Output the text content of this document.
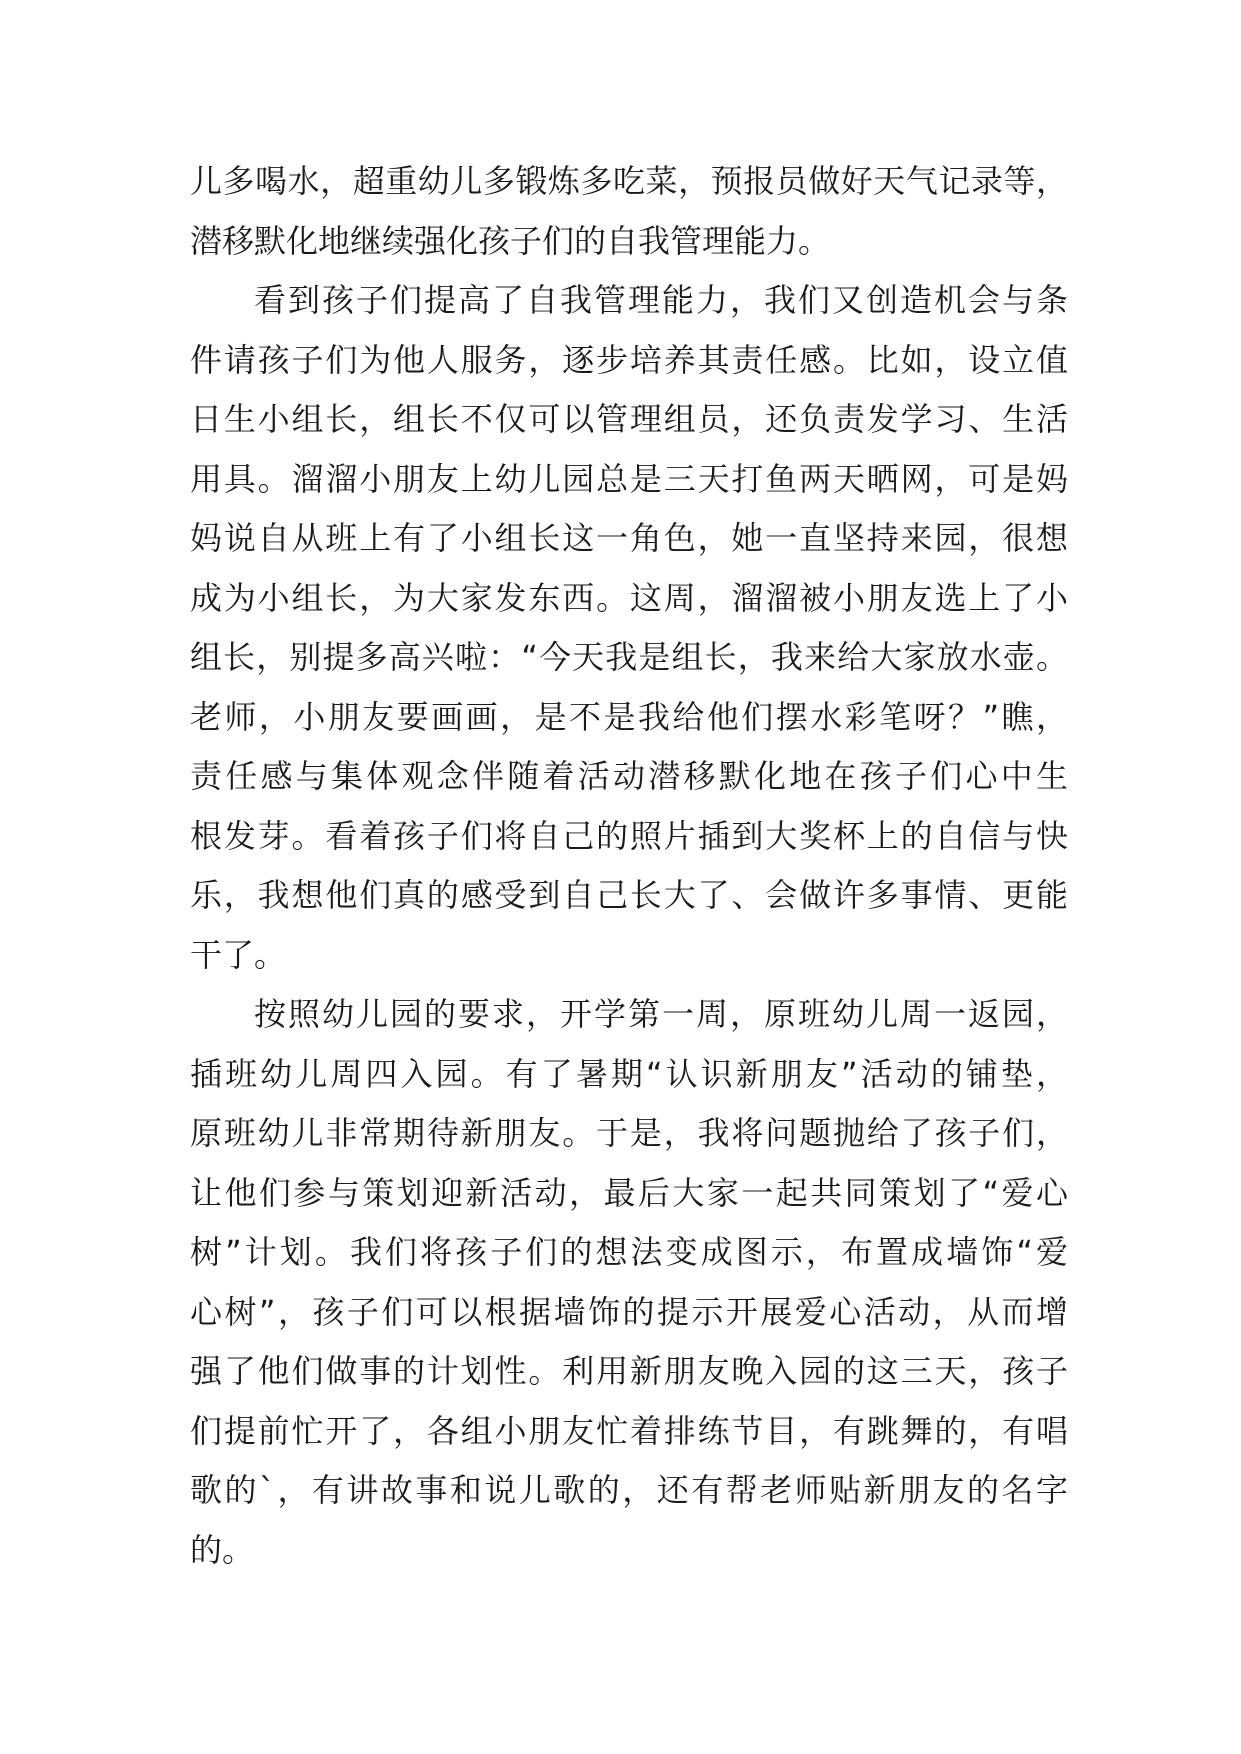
儿多喝水，超重幼儿多锻炼多吃菜，预报员做好天气记录等，
潜移默化地继续强化孩子们的自我管理能力。
看到孩子们提高了自我管理能力，我们又创造机会与条
件请孩子们为他人服务，逐步培养其责任感。比如，设立值
日生小组长，组长不仅可以管理组员，还负责发学习、生活
用具。溜溜小朋友上幼儿园总是三天打鱼两天晒网，可是妈
妈说自从班上有了小组长这一角色，她一直坚持来园，很想
成为小组长，为大家发东西。这周，溜溜被小朋友选上了小
组长，别提多高兴啦：“今天我是组长，我来给大家放水壶。
老师，小朋友要画画，是不是我给他们摆水彩笔呀？”瞧，
责任感与集体观念伴随着活动潜移默化地在孩子们心中生
根发芽。看着孩子们将自己的照片插到大奖杯上的自信与快
乐，我想他们真的感受到自己长大了、会做许多事情、更能
干了。
按照幼儿园的要求，开学第一周，原班幼儿周一返园，
插班幼儿周四入园。有了暑期“认识新朋友”活动的铺垫，
原班幼儿非常期待新朋友。于是，我将问题抛给了孩子们，
让他们参与策划迎新活动，最后大家一起共同策划了“爱心
树”计划。我们将孩子们的想法变成图示，布置成墙饰“爱
心树”，孩子们可以根据墙饰的提示开展爱心活动，从而增
强了他们做事的计划性。利用新朋友晚入园的这三天，孩子
们提前忙开了，各组小朋友忙着排练节目，有跳舞的，有唱
歌的`，有讲故事和说儿歌的，还有帮老师贴新朋友的名字
的。
